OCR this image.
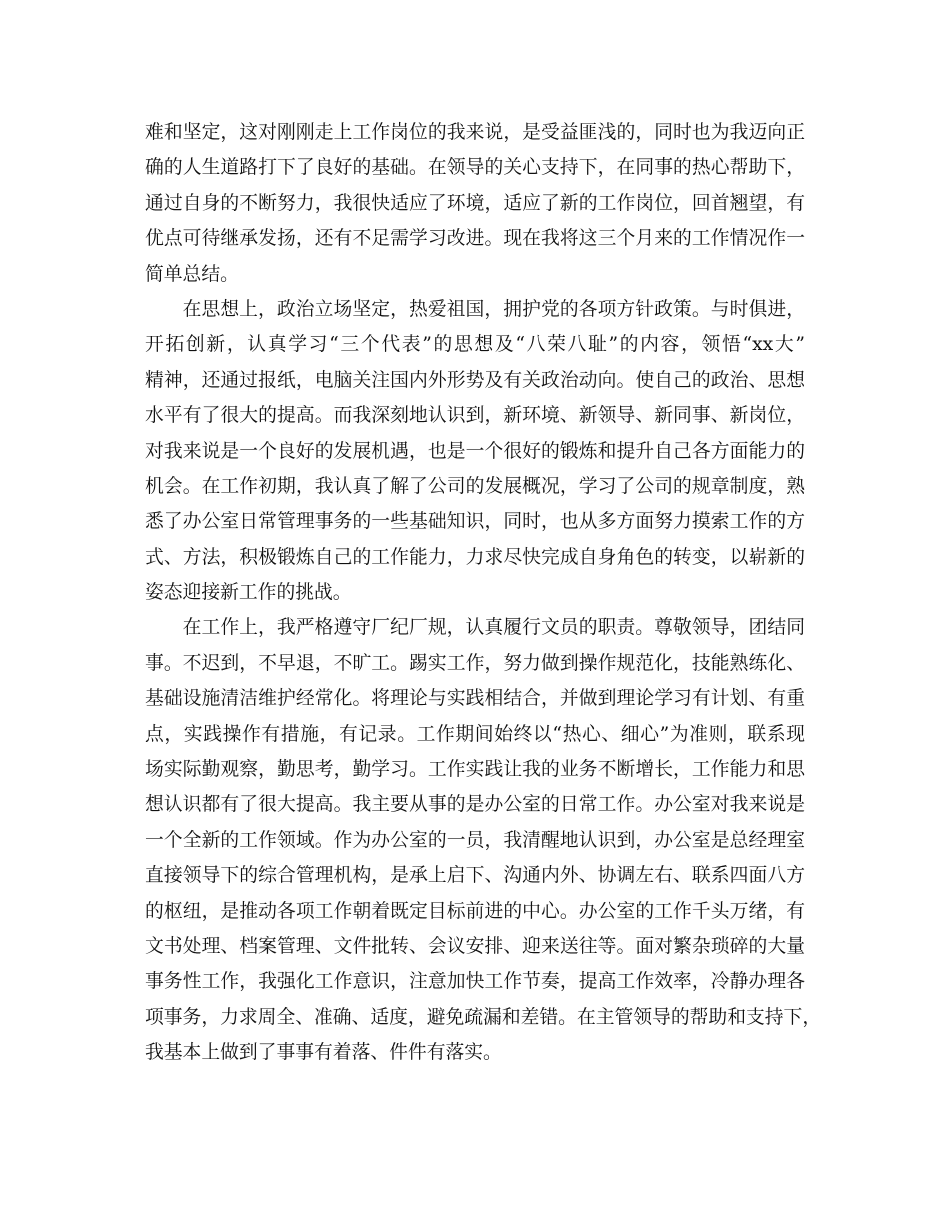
难和坚定，这对刚刚走上工作岗位的我来说，是受益匪浅的，同时也为我迈向正
确的人生道路打下了良好的基础。在领导的关心支持下，在同事的热心帮助下，
通过自身的不断努力，我很快适应了环境，适应了新的工作岗位，回首翘望，有
优点可待继承发扬，还有不足需学习改进。现在我将这三个月来的工作情况作一
简单总结。
在思想上，政治立场坚定，热爱祖国，拥护党的各项方针政策。与时俱进，
开拓创新，认真学习“三个代表”的思想及“八荣八耻”的内容，领悟“xx大”
精神，还通过报纸，电脑关注国内外形势及有关政治动向。使自己的政治、思想
水平有了很大的提高。而我深刻地认识到，新环境、新领导、新同事、新岗位，
对我来说是一个良好的发展机遇，也是一个很好的锻炼和提升自己各方面能力的
机会。在工作初期，我认真了解了公司的发展概况，学习了公司的规章制度，熟
悉了办公室日常管理事务的一些基础知识，同时，也从多方面努力摸索工作的方
式、方法，积极锻炼自己的工作能力，力求尽快完成自身角色的转变，以崭新的
姿态迎接新工作的挑战。
在工作上，我严格遵守厂纪厂规，认真履行文员的职责。尊敬领导，团结同
事。不迟到，不早退，不旷工。踢实工作，努力做到操作规范化，技能熟练化、
基础设施清洁维护经常化。将理论与实践相结合，并做到理论学习有计划、有重
点，实践操作有措施，有记录。工作期间始终以“热心、细心”为准则，联系现
场实际勤观察，勤思考，勤学习。工作实践让我的业务不断增长，工作能力和思
想认识都有了很大提高。我主要从事的是办公室的日常工作。办公室对我来说是
一个全新的工作领域。作为办公室的一员，我清醒地认识到，办公室是总经理室
直接领导下的综合管理机构，是承上启下、沟通内外、协调左右、联系四面八方
的枢纽，是推动各项工作朝着既定目标前进的中心。办公室的工作千头万绪，有
文书处理、档案管理、文件批转、会议安排、迎来送往等。面对繁杂琐碎的大量
事务性工作，我强化工作意识，注意加快工作节奏，提高工作效率，冷静办理各
项事务，力求周全、准确、适度，避免疏漏和差错。在主管领导的帮助和支持下，
我基本上做到了事事有着落、件件有落实。
